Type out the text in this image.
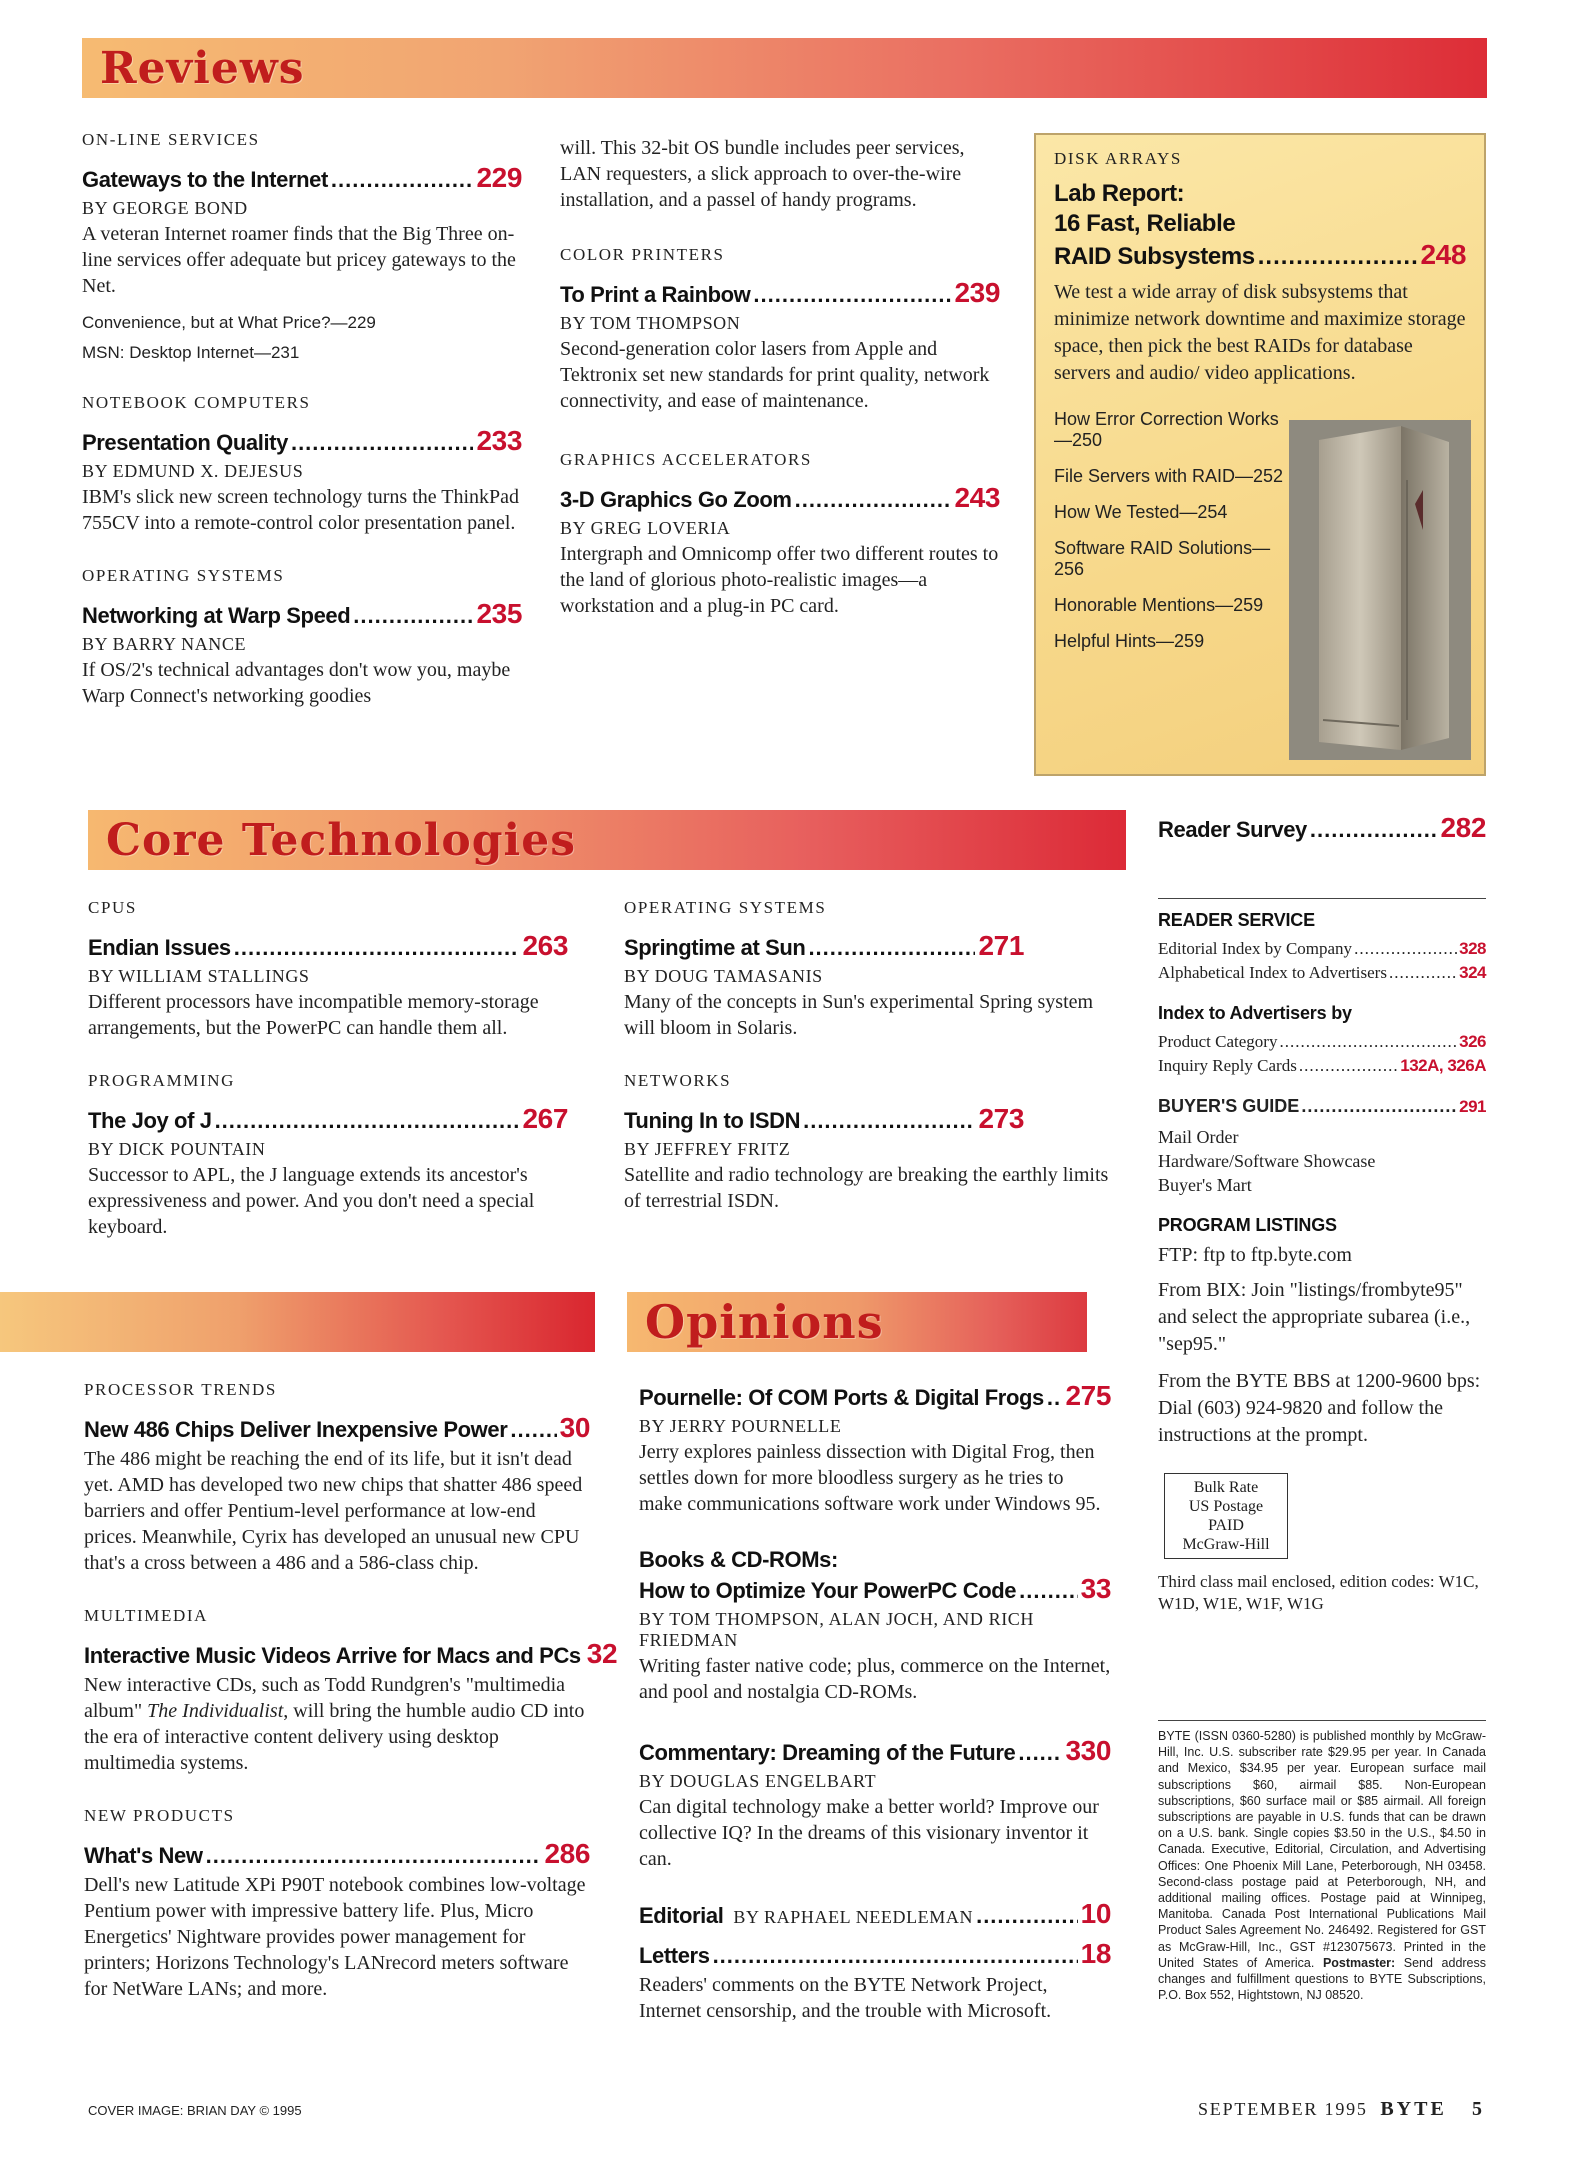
Reviews
ON-LINE SERVICES
Gateways to the Internet .....	229
BY GEORGE BOND
A veteran Internet roamer finds that the Big Three on-line services offer adequate but pricey gateways to the Net.
Convenience, but at What Price?—229
MSN: Desktop Internet—231
NOTEBOOK COMPUTERS
Presentation Quality .....	233
BY EDMUND X. DEJESUS
IBM's slick new screen technology turns the ThinkPad 755CV into a remote-control color presentation panel.
OPERATING SYSTEMS
Networking at Warp Speed .....	235
BY BARRY NANCE
If OS/2's technical advantages don't wow you, maybe Warp Connect's networking goodies
will. This 32-bit OS bundle includes peer services, LAN requesters, a slick approach to over-the-wire installation, and a passel of handy programs.
COLOR PRINTERS
To Print a Rainbow .....	239
BY TOM THOMPSON
Second-generation color lasers from Apple and Tektronix set new standards for print quality, network connectivity, and ease of maintenance.
GRAPHICS ACCELERATORS
3-D Graphics Go Zoom .....	243
BY GREG LOVERIA
Intergraph and Omnicomp offer two different routes to the land of glorious photo-realistic images—a workstation and a plug-in PC card.
DISK ARRAYS
Lab Report:
16 Fast, Reliable
RAID Subsystems .....	248
We test a wide array of disk subsystems that minimize network downtime and maximize storage space, then pick the best RAIDs for database servers and audio/ video applications.
How Error Correction Works—250
File Servers with RAID—252
How We Tested—254
Software RAID Solutions—256
Honorable Mentions—259
Helpful Hints—259
Core Technologies
CPUS
Endian Issues .....	263
BY WILLIAM STALLINGS
Different processors have incompatible memory-storage arrangements, but the PowerPC can handle them all.
PROGRAMMING
The Joy of J .....	267
BY DICK POUNTAIN
Successor to APL, the J language extends its ancestor's expressiveness and power. And you don't need a special keyboard.
OPERATING SYSTEMS
Springtime at Sun .....	271
BY DOUG TAMASANIS
Many of the concepts in Sun's experimental Spring system will bloom in Solaris.
NETWORKS
Tuning In to ISDN .....	273
BY JEFFREY FRITZ
Satellite and radio technology are breaking the earthly limits of terrestrial ISDN.
PROCESSOR TRENDS
New 486 Chips Deliver Inexpensive Power ..... 30
The 486 might be reaching the end of its life, but it isn't dead yet. AMD has developed two new chips that shatter 486 speed barriers and offer Pentium-level performance at low-end prices. Meanwhile, Cyrix has developed an unusual new CPU that's a cross between a 486 and a 586-class chip.
MULTIMEDIA
Interactive Music Videos Arrive for Macs and PCs 32
New interactive CDs, such as Todd Rundgren's "multimedia album" The Individualist, will bring the humble audio CD into the era of interactive content delivery using desktop multimedia systems.
NEW PRODUCTS
What's New .....	286
Dell's new Latitude XPi P90T notebook combines low-voltage Pentium power with impressive battery life. Plus, Micro Energetics' Nightware provides power management for printers; Horizons Technology's LANrecord meters software for NetWare LANs; and more.
Opinions
Pournelle: Of COM Ports & Digital Frogs ..... 275
BY JERRY POURNELLE
Jerry explores painless dissection with Digital Frog, then settles down for more bloodless surgery as he tries to make communications software work under Windows 95.
Books & CD-ROMs:
How to Optimize Your PowerPC Code ..... 33
BY TOM THOMPSON, ALAN JOCH, AND RICH FRIEDMAN
Writing faster native code; plus, commerce on the Internet, and pool and nostalgia CD-ROMs.
Commentary: Dreaming of the Future ..... 330
BY DOUGLAS ENGELBART
Can digital technology make a better world? Improve our collective IQ? In the dreams of this visionary inventor it can.
Editorial BY RAPHAEL NEEDLEMAN .....	10
Letters .....	18
Readers' comments on the BYTE Network Project, Internet censorship, and the trouble with Microsoft.
Reader Survey .....	282
READER SERVICE
Editorial Index by Company .....	328
Alphabetical Index to Advertisers .....	324
Index to Advertisers by
Product Category .....	326
Inquiry Reply Cards .....	132A, 326A
BUYER'S GUIDE .....	291
Mail Order
Hardware/Software Showcase
Buyer's Mart
PROGRAM LISTINGS
FTP: ftp to ftp.byte.com
From BIX: Join "listings/frombyte95" and select the appropriate subarea (i.e., "sep95."
From the BYTE BBS at 1200-9600 bps: Dial (603) 924-9820 and follow the instructions at the prompt.
Bulk Rate
US Postage
PAID
McGraw-Hill
Third class mail enclosed, edition codes: W1C, W1D, W1E, W1F, W1G
BYTE (ISSN 0360-5280) is published monthly by McGraw-Hill, Inc. U.S. subscriber rate $29.95 per year. In Canada and Mexico, $34.95 per year. European surface mail subscriptions $60, airmail $85. Non-European subscriptions, $60 surface mail or $85 airmail. All foreign subscriptions are payable in U.S. funds that can be drawn on a U.S. bank. Single copies $3.50 in the U.S., $4.50 in Canada. Executive, Editorial, Circulation, and Advertising Offices: One Phoenix Mill Lane, Peterborough, NH 03458. Second-class postage paid at Peterborough, NH, and additional mailing offices. Postage paid at Winnipeg, Manitoba. Canada Post International Publications Mail Product Sales Agreement No. 246492. Registered for GST as McGraw-Hill, Inc., GST #123075673. Printed in the United States of America. Postmaster: Send address changes and fulfillment questions to BYTE Subscriptions, P.O. Box 552, Hightstown, NJ 08520.
COVER IMAGE: BRIAN DAY © 1995	SEPTEMBER 1995 BYTE 5
